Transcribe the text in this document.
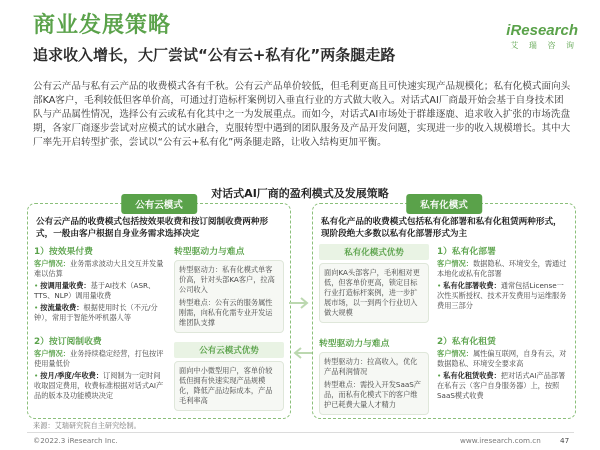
商业发展策略
追求收入增长，大厂尝试“公有云+私有化”两条腿走路
iResearch
艾 瑞 咨 询
公有云产品与私有云产品的收费模式各有千秋。公有云产品单价较低，但毛利更高且可快速实现产品规模化；私有化模式面向头部KA客户，毛利较低但客单价高，可通过打造标杆案例切入垂直行业的方式做大收入。对话式AI厂商最开始会基于自身技术团队与产品属性情况，选择公有云或私有化其中之一为发展重点。而如今，对话式AI市场处于群雄逐鹿、追求收入扩张的市场洗盘期，各家厂商逐步尝试对应模式的试水融合，克服转型中遇到的团队服务及产品开发问题，实现进一步的收入规模增长。其中大厂率先开启转型扩张，尝试以“公有云+私有化”两条腿走路，让收入结构更加平衡。
对话式AI厂商的盈利模式及发展策略
公有云模式
公有云产品的收费模式包括按效果收费和按订阅制收费两种形式，一般由客户根据自身业务需求选择决定
1）按效果付费
客户情况：业务需求波动大且交互并发量难以估算
• 按调用量收费：基于AI技术（ASR、TTS、NLP）调用量收费
• 按流量收费：根据使用时长（不元/分钟），常用于智能外呼机器人等
2）按订阅制收费
客户情况：业务持续稳定经营，打包按评使用量低价
• 按月/季度/年收费：订阅制为一定时间收取固定费用，收费标准根据对话式AI产品的版本及功能模块决定
转型驱动力与难点
转型驱动力：私有化模式单客价高，针对头部KA客户，拉高公司收入
转型难点：公有云的服务属性刚需，向私有化需专业开发运维团队支撑
公有云模式优势
面向中小微型用户，客单价较低但拥有快速实现产品规模化，降低产品边际成本，产品毛利率高
私有化模式
私有化产品的收费模式包括私有化部署和私有化租赁两种形式，现阶段绝大多数以私有化部署形式为主
私有化模式优势
面向KA头部客户，毛利相对更低，但客单价更高，锁定目标行业打造标杆案例，进一步扩展市场，以一到两个行业切入做大规模
转型驱动力与难点
转型驱动力：拉高收入，优化产品利润情况
转型难点：需投入开发SaaS产品，而私有化模式下的客户维护已耗费大量人才精力
1）私有化部署
客户情况：数据隐私、环境安全，需通过本地化或私有化部署
• 私有化部署收费：通常包括License一次性买断授权、技术开发费用与运维服务费用三部分
2）私有化租赁
客户情况：属性偏互联网，自身有云，对数据隐私、环境安全要求高
• 私有化租赁收费：把对话式AI产品部署在私有云（客户自身服务器）上，按照SaaS模式收费
来源：艾瑞研究院自主研究绘制。
©2022.3 iResearch Inc.	www.iresearch.com.cn	47
